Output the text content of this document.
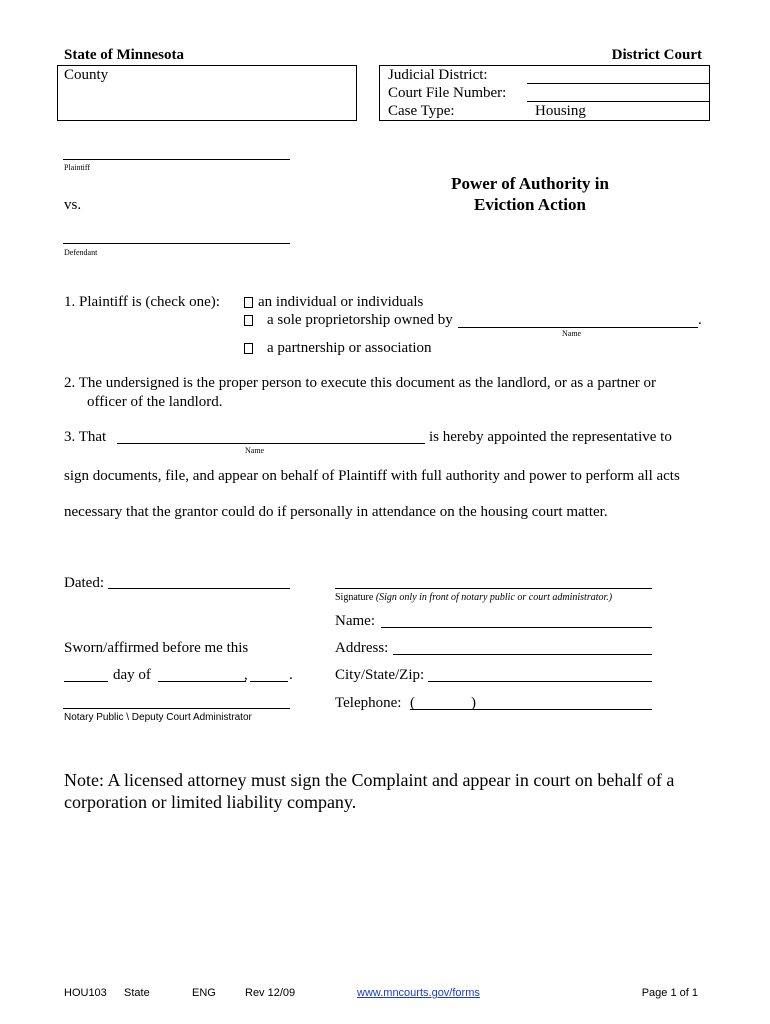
State of Minnesota	District Court
County	Judicial District:
Court File Number:
Case Type:	Housing
Plaintiff
vs.
Defendant
Power of Authority in
Eviction Action
1. Plaintiff is (check one):	an individual or individuals
a sole proprietorship owned by	.
Name
a partnership or association
2. The undersigned is the proper person to execute this document as the landlord, or as a partner or
officer of the landlord.
3. That	is hereby appointed the representative to
Name
sign documents, file, and appear on behalf of Plaintiff with full authority and power to perform all acts
necessary that the grantor could do if personally in attendance on the housing court matter.
Dated:
Sworn/affirmed before me this
day of	,	.
Notary Public \ Deputy Court Administrator
Signature (Sign only in front of notary public or court administrator.)
Name:
Address:
City/State/Zip:
Telephone: (	)
Note: A licensed attorney must sign the Complaint and appear in court on behalf of a
corporation or limited liability company.
HOU103 State	ENG	Rev 12/09	www.mncourts.gov/forms	Page 1 of 1
